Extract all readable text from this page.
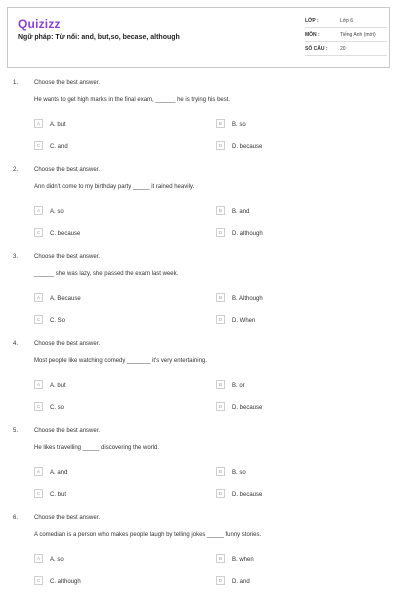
Quizizz
Ngữ pháp: Từ nối: and, but,so, becase, although
LỚP :	Lớp 6
MÔN :	Tiếng Anh (mới)
SỐ CÂU :	20
1.	Choose the best answer.
He wants to get high marks in the final exam, ______ he is trying his best.
A	A. but	B	B. so
C	C. and	D	D. because
2.	Choose the best answer.
Ann didn't come to my birthday party _____ it rained heavily.
A	A. so	B	B. and
C	C. because	D	D. although
3.	Choose the best answer.
______ she was lazy, she passed the exam last week.
A	A. Because	B	B. Although
C	C. So	D	D. When
4.	Choose the best answer.
Most people like watching comedy _______ it's very entertaining.
A	A. but	B	B. or
C	C. so	D	D. because
5.	Choose the best answer.
He likes travelling _____ discovering the world.
A	A. and	B	B. so
C	C. but	D	D. because
6.	Choose the best answer.
A comedian is a person who makes people laugh by telling jokes _____ funny stories.
A	A. so	B	B. when
C	C. although	D	D. and
